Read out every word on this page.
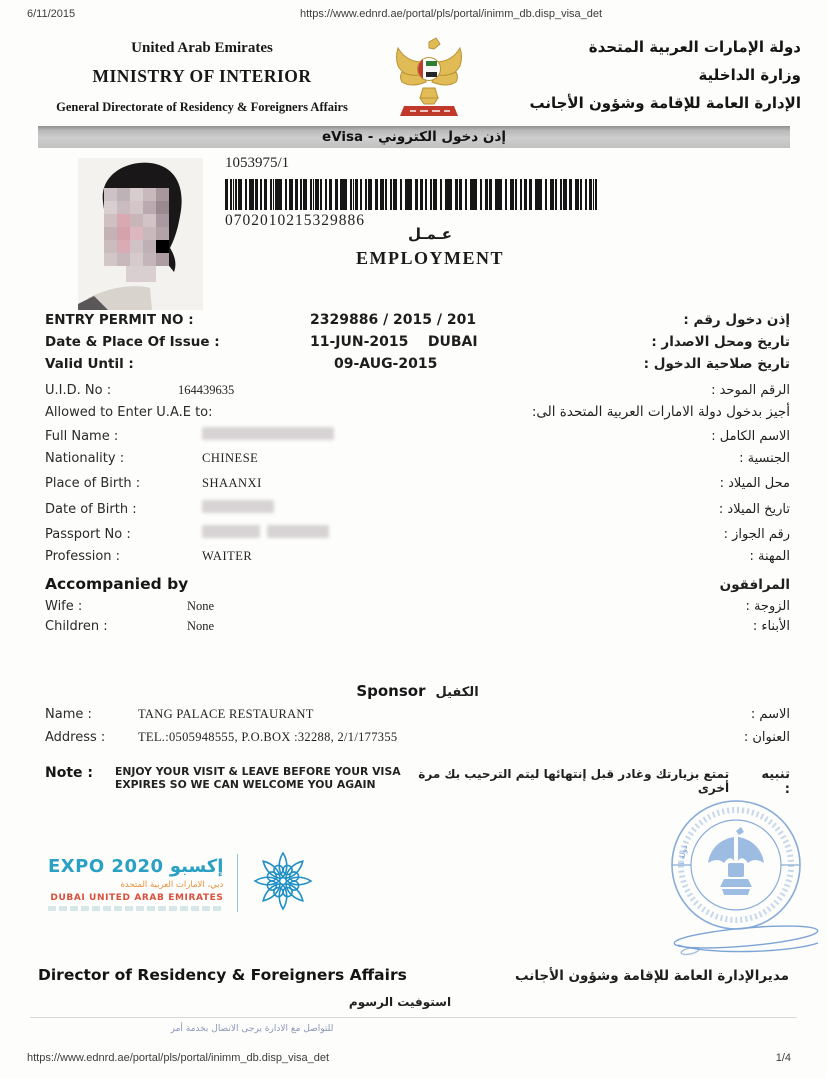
6/11/2015	https://www.ednrd.ae/portal/pls/portal/inimm_db.disp_visa_det
United Arab Emirates
MINISTRY OF INTERIOR
General Directorate of Residency & Foreigners Affairs
دولة الإمارات العربية المتحدة
وزارة الداخلية
الإدارة العامة للإقامة وشؤون الأجانب
eVisa - إذن دخول الكتروني
1053975/1
0702010215329886
عـمـل
EMPLOYMENT
ENTRY PERMIT NO :	2329886 / 2015 / 201	إذن دخول رقم :
Date & Place Of Issue :	11-JUN-2015    DUBAI	تاريخ ومحل الاصدار :
Valid Until :	09-AUG-2015	تاريخ صلاحية الدخول :
U.I.D. No :	164439635	الرقم الموحد :
Allowed to Enter U.A.E to:	أجيز بدخول دولة الامارات العربية المتحدة الى:
Full Name :	الاسم الكامل :
Nationality :	CHINESE	الجنسية :
Place of Birth :	SHAANXI	محل الميلاد :
Date of Birth :	تاريخ الميلاد :
Passport No :	رقم الجواز :
Profession :	WAITER	المهنة :
Accompanied by	المرافقون
Wife :	None	الزوجة :
Children :	None	الأبناء :
Sponsor الكفيل
Name :	TANG PALACE RESTAURANT	الاسم :
Address :	TEL.:0505948555, P.O.BOX :32288, 2/1/177355	العنوان :
Note :	ENJOY YOUR VISIT & LEAVE BEFORE YOUR VISA
EXPIRES SO WE CAN WELCOME YOU AGAIN
تمتع بزيارتك وغادر قبل إنتهائها ليتم الترحيب بك مرة أخرى
تنبيه :
إكسبو EXPO 2020
دبي، الامارات العربية المتحدة
DUBAI UNITED ARAB EMIRATES
دولة ا
Director of Residency & Foreigners Affairs	مديرالإدارة العامة للإقامة وشؤون الأجانب
استوفيت الرسوم
للتواصل مع الادارة يرجى الاتصال بخدمة أمر
https://www.ednrd.ae/portal/pls/portal/inimm_db.disp_visa_det	1/4
